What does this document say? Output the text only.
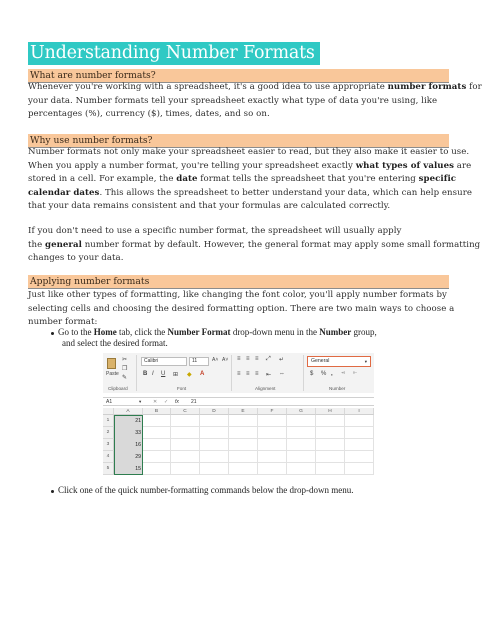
Understanding Number Formats
What are number formats?
Whenever you're working with a spreadsheet, it's a good idea to use appropriate number formats for
your data. Number formats tell your spreadsheet exactly what type of data you're using, like
percentages (%), currency ($), times, dates, and so on.
Why use number formats?
Number formats not only make your spreadsheet easier to read, but they also make it easier to use.
When you apply a number format, you're telling your spreadsheet exactly what types of values are
stored in a cell. For example, the date format tells the spreadsheet that you're entering specific
calendar dates. This allows the spreadsheet to better understand your data, which can help ensure
that your data remains consistent and that your formulas are calculated correctly.
If you don't need to use a specific number format, the spreadsheet will usually apply
the general number format by default. However, the general format may apply some small formatting
changes to your data.
Applying number formats
Just like other types of formatting, like changing the font color, you'll apply number formats by
selecting cells and choosing the desired formatting option. There are two main ways to choose a
number format:
Go to the Home tab, click the Number Format drop-down menu in the Number group,
and select the desired format.
Click one of the quick number-formatting commands below the drop-down menu.
Paste
✂
❐
✎
Clipboard
Calibri	11	A˄ A˅
B I U ⊞ ◆ A
Font
≡ ≡ ≡ ⤢ ↵
≡ ≡ ≡ ⇤ ⇔
Alignment
General	▾
$ % , ⁺⁰ ⁰⁻
Number
A1	▾ ✕ ✓ fx 21
A	B	C	D	E	F	G	H	I
1	21
2	33
3	16
4	29
5	15
